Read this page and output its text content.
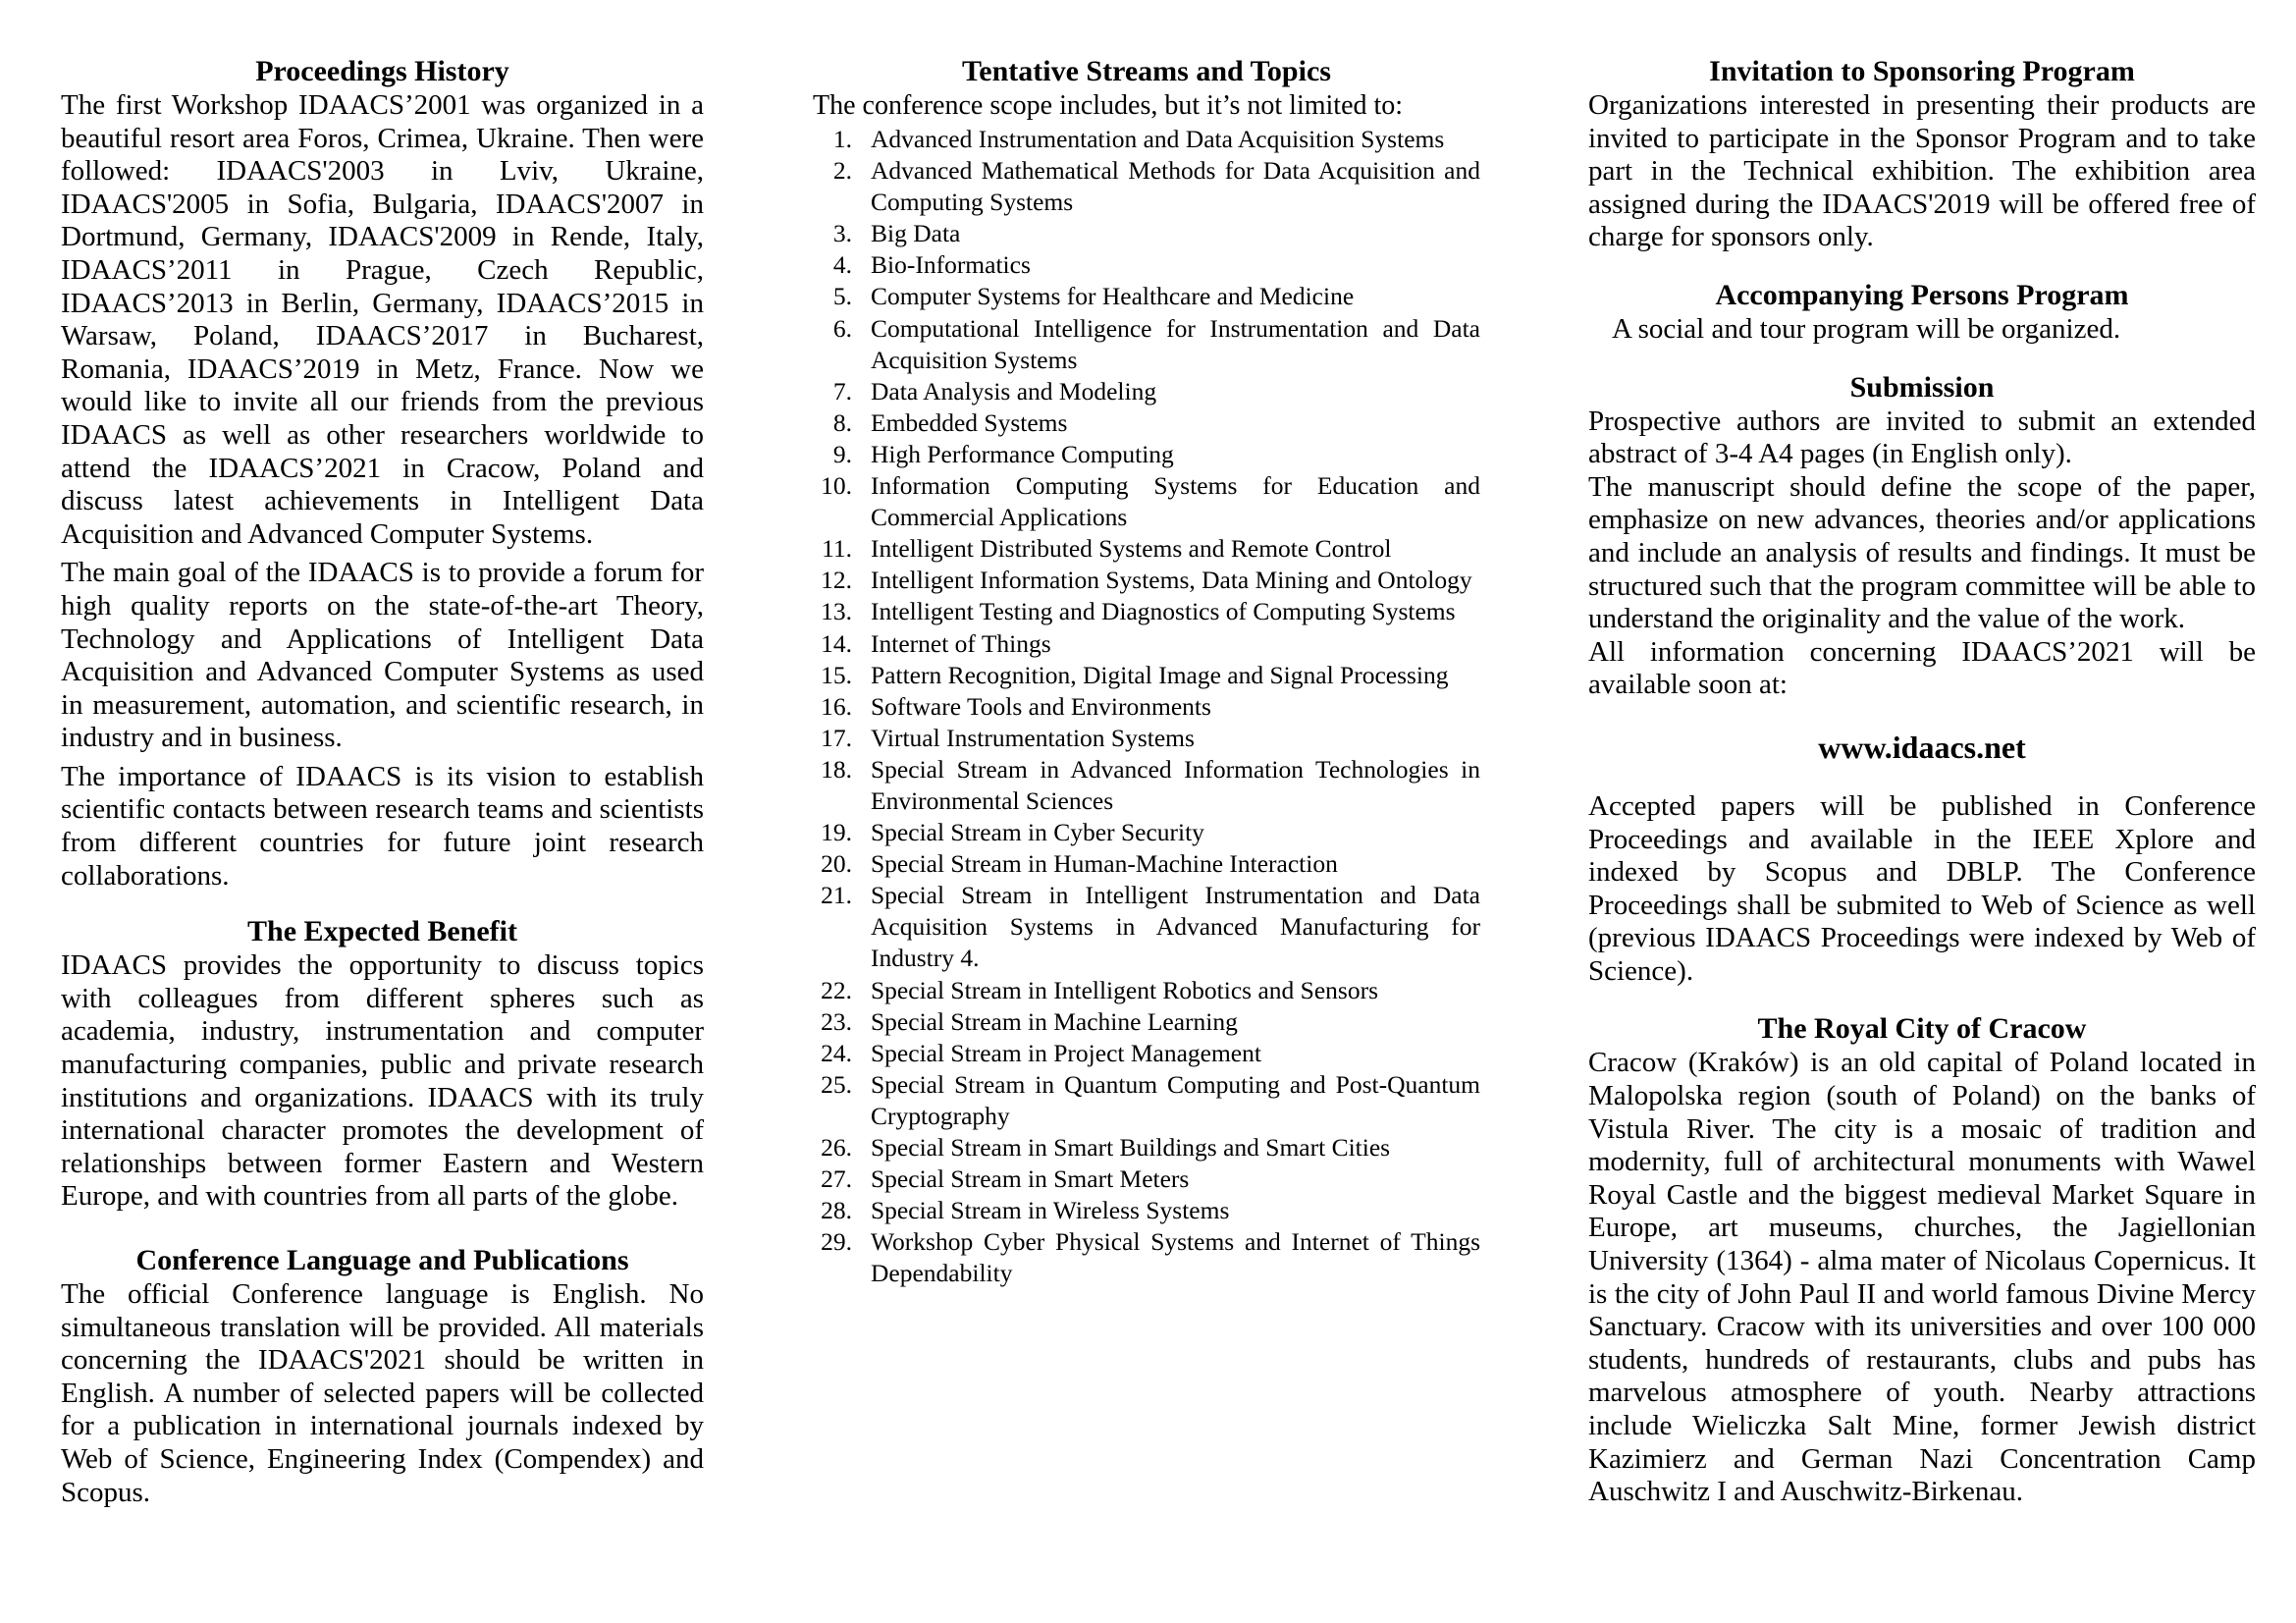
Proceedings History

The first Workshop IDAACS’2001 was organized in a beautiful resort area Foros, Crimea, Ukraine. Then were followed: IDAACS'2003 in Lviv, Ukraine, IDAACS'2005 in Sofia, Bulgaria, IDAACS'2007 in Dortmund, Germany, IDAACS'2009 in Rende, Italy, IDAACS’2011 in Prague, Czech Republic, IDAACS’2013 in Berlin, Germany, IDAACS’2015 in Warsaw, Poland, IDAACS’2017 in Bucharest, Romania, IDAACS’2019 in Metz, France. Now we would like to invite all our friends from the previous IDAACS as well as other researchers worldwide to attend the IDAACS’2021 in Cracow, Poland and discuss latest achievements in Intelligent Data Acquisition and Advanced Computer Systems.

The main goal of the IDAACS is to provide a forum for high quality reports on the state-of-the-art Theory, Technology and Applications of Intelligent Data Acquisition and Advanced Computer Systems as used in measurement, automation, and scientific research, in industry and in business.

The importance of IDAACS is its vision to establish scientific contacts between research teams and scientists from different countries for future joint research collaborations.

The Expected Benefit

IDAACS provides the opportunity to discuss topics with colleagues from different spheres such as academia, industry, instrumentation and computer manufacturing companies, public and private research institutions and organizations. IDAACS with its truly international character promotes the development of relationships between former Eastern and Western Europe, and with countries from all parts of the globe.

Conference Language and Publications

The official Conference language is English. No simultaneous translation will be provided. All materials concerning the IDAACS'2021 should be written in English. A number of selected papers will be collected for a publication in international journals indexed by Web of Science, Engineering Index (Compendex) and Scopus.

Tentative Streams and Topics

The conference scope includes, but it’s not limited to:

1. Advanced Instrumentation and Data Acquisition Systems
2. Advanced Mathematical Methods for Data Acquisition and Computing Systems
3. Big Data
4. Bio-Informatics
5. Computer Systems for Healthcare and Medicine
6. Computational Intelligence for Instrumentation and Data Acquisition Systems
7. Data Analysis and Modeling
8. Embedded Systems
9. High Performance Computing
10. Information Computing Systems for Education and Commercial Applications
11. Intelligent Distributed Systems and Remote Control
12. Intelligent Information Systems, Data Mining and Ontology
13. Intelligent Testing and Diagnostics of Computing Systems
14. Internet of Things
15. Pattern Recognition, Digital Image and Signal Processing
16. Software Tools and Environments
17. Virtual Instrumentation Systems
18. Special Stream in Advanced Information Technologies in Environmental Sciences
19. Special Stream in Cyber Security
20. Special Stream in Human-Machine Interaction
21. Special Stream in Intelligent Instrumentation and Data Acquisition Systems in Advanced Manufacturing for Industry 4.
22. Special Stream in Intelligent Robotics and Sensors
23. Special Stream in Machine Learning
24. Special Stream in Project Management
25. Special Stream in Quantum Computing and Post-Quantum Cryptography
26. Special Stream in Smart Buildings and Smart Cities
27. Special Stream in Smart Meters
28. Special Stream in Wireless Systems
29. Workshop Cyber Physical Systems and Internet of Things Dependability
Invitation to Sponsoring Program

Organizations interested in presenting their products are invited to participate in the Sponsor Program and to take part in the Technical exhibition. The exhibition area assigned during the IDAACS'2019 will be offered free of charge for sponsors only.

Accompanying Persons Program

A social and tour program will be organized.

Submission

Prospective authors are invited to submit an extended abstract of 3-4 A4 pages (in English only).

The manuscript should define the scope of the paper, emphasize on new advances, theories and/or applications and include an analysis of results and findings. It must be structured such that the program committee will be able to understand the originality and the value of the work.

All information concerning IDAACS’2021 will be available soon at:

www.idaacs.net

Accepted papers will be published in Conference Proceedings and available in the IEEE Xplore and indexed by Scopus and DBLP. The Conference Proceedings shall be submited to Web of Science as well (previous IDAACS Proceedings were indexed by Web of Science).

The Royal City of Cracow

Cracow (Kraków) is an old capital of Poland located in Malopolska region (south of Poland) on the banks of Vistula River. The city is a mosaic of tradition and modernity, full of architectural monuments with Wawel Royal Castle and the biggest medieval Market Square in Europe, art museums, churches, the Jagiellonian University (1364) - alma mater of Nicolaus Copernicus. It is the city of John Paul II and world famous Divine Mercy Sanctuary. Cracow with its universities and over 100 000 students, hundreds of restaurants, clubs and pubs has marvelous atmosphere of youth. Nearby attractions include Wieliczka Salt Mine, former Jewish district Kazimierz and German Nazi Concentration Camp Auschwitz I and Auschwitz-Birkenau.
